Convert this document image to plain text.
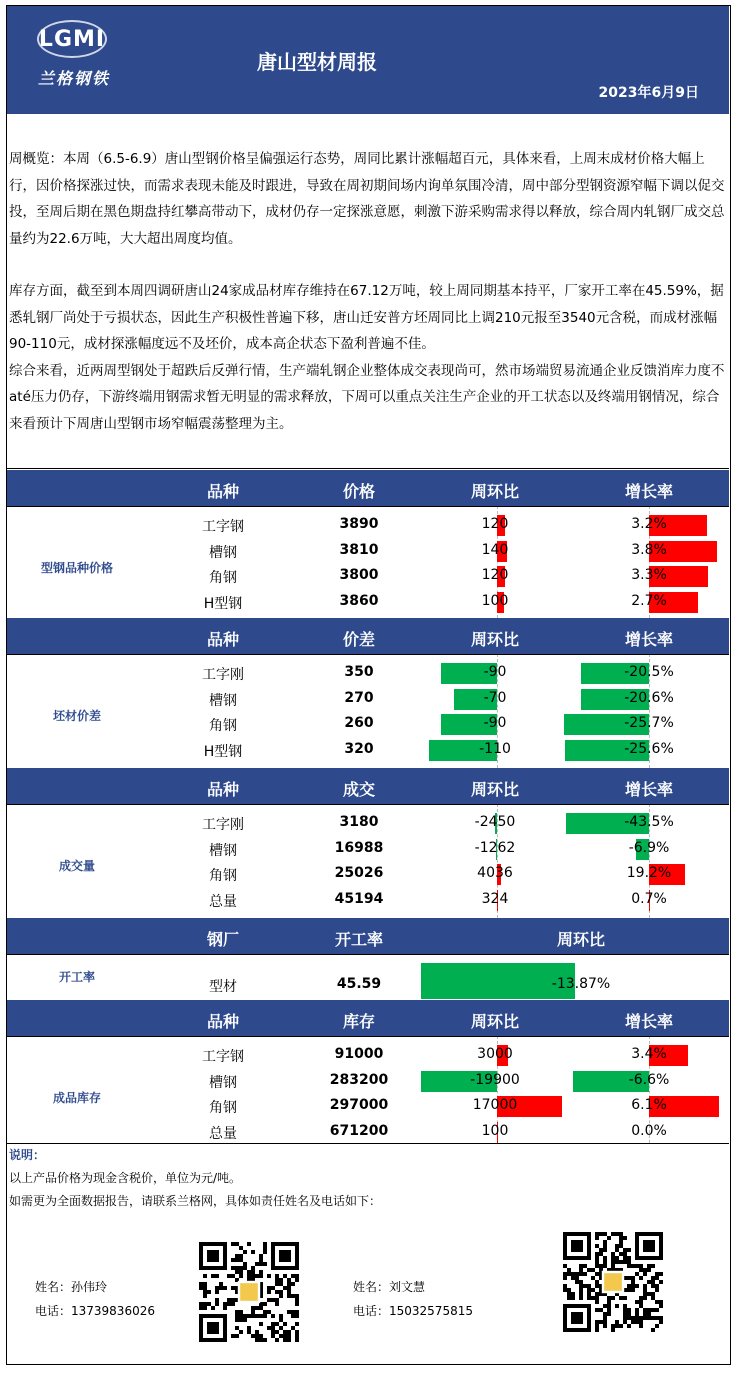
LGMI
兰格钢铁
唐山型材周报
2023年6月9日

周概览：本周（6.5-6.9）唐山型钢价格呈偏强运行态势，周同比累计涨幅超百元，具体来看，上周末成材价格大幅上行，因价格探涨过快，而需求表现未能及时跟进，导致在周初期间场内询单氛围冷清，周中部分型钢资源窄幅下调以促交投，至周后期在黑色期盘持红攀高带动下，成材仍存一定探涨意愿，刺激下游采购需求得以释放，综合周内轧钢厂成交总量约为22.6万吨，大大超出周度均值。

库存方面，截至到本周四调研唐山24家成品材库存维持在67.12万吨，较上周同期基本持平，厂家开工率在45.59%，据悉轧钢厂尚处于亏损状态，因此生产积极性普遍下移，唐山迁安普方坯周同比上调210元报至3540元含税，而成材涨幅90-110元，成材探涨幅度远不及坯价，成本高企状态下盈利普遍不佳。

综合来看，近两周型钢处于超跌后反弹行情，生产端轧钢企业整体成交表现尚可，然市场端贸易流通企业反馈消库力度不até压力仍存，下游终端用钢需求暂无明显的需求释放，下周可以重点关注生产企业的开工状态以及终端用钢情况，综合来看预计下周唐山型钢市场窄幅震荡整理为主。

品种	价格	周环比	增长率
型钢品种价格
工字钢	3890	120	3.2%
槽钢	3810	140	3.8%
角钢	3800	120	3.3%
H型钢	3860	100	2.7%
品种	价差	周环比	增长率
坯材价差
工字刚	350	-90	-20.5%
槽钢	270	-70	-20.6%
角钢	260	-90	-25.7%
H型钢	320	-110	-25.6%
品种	成交	周环比	增长率
成交量
工字刚	3180	-2450	-43.5%
槽钢	16988	-1262	-6.9%
角钢	25026	4036	19.2%
总量	45194	324	0.7%
钢厂	开工率	周环比
开工率
型材	45.59	-13.87%
品种	库存	周环比	增长率
成品库存
工字钢	91000	3000	3.4%
槽钢	283200	-19900	-6.6%
角钢	297000	17000	6.1%
总量	671200	100	0.0%
说明：
以上产品价格为现金含税价，单位为元/吨。
如需更为全面数据报告，请联系兰格网，具体如责任姓名及电话如下：
姓名：孙伟玲
电话：13739836026
姓名：刘文慧
电话：15032575815
